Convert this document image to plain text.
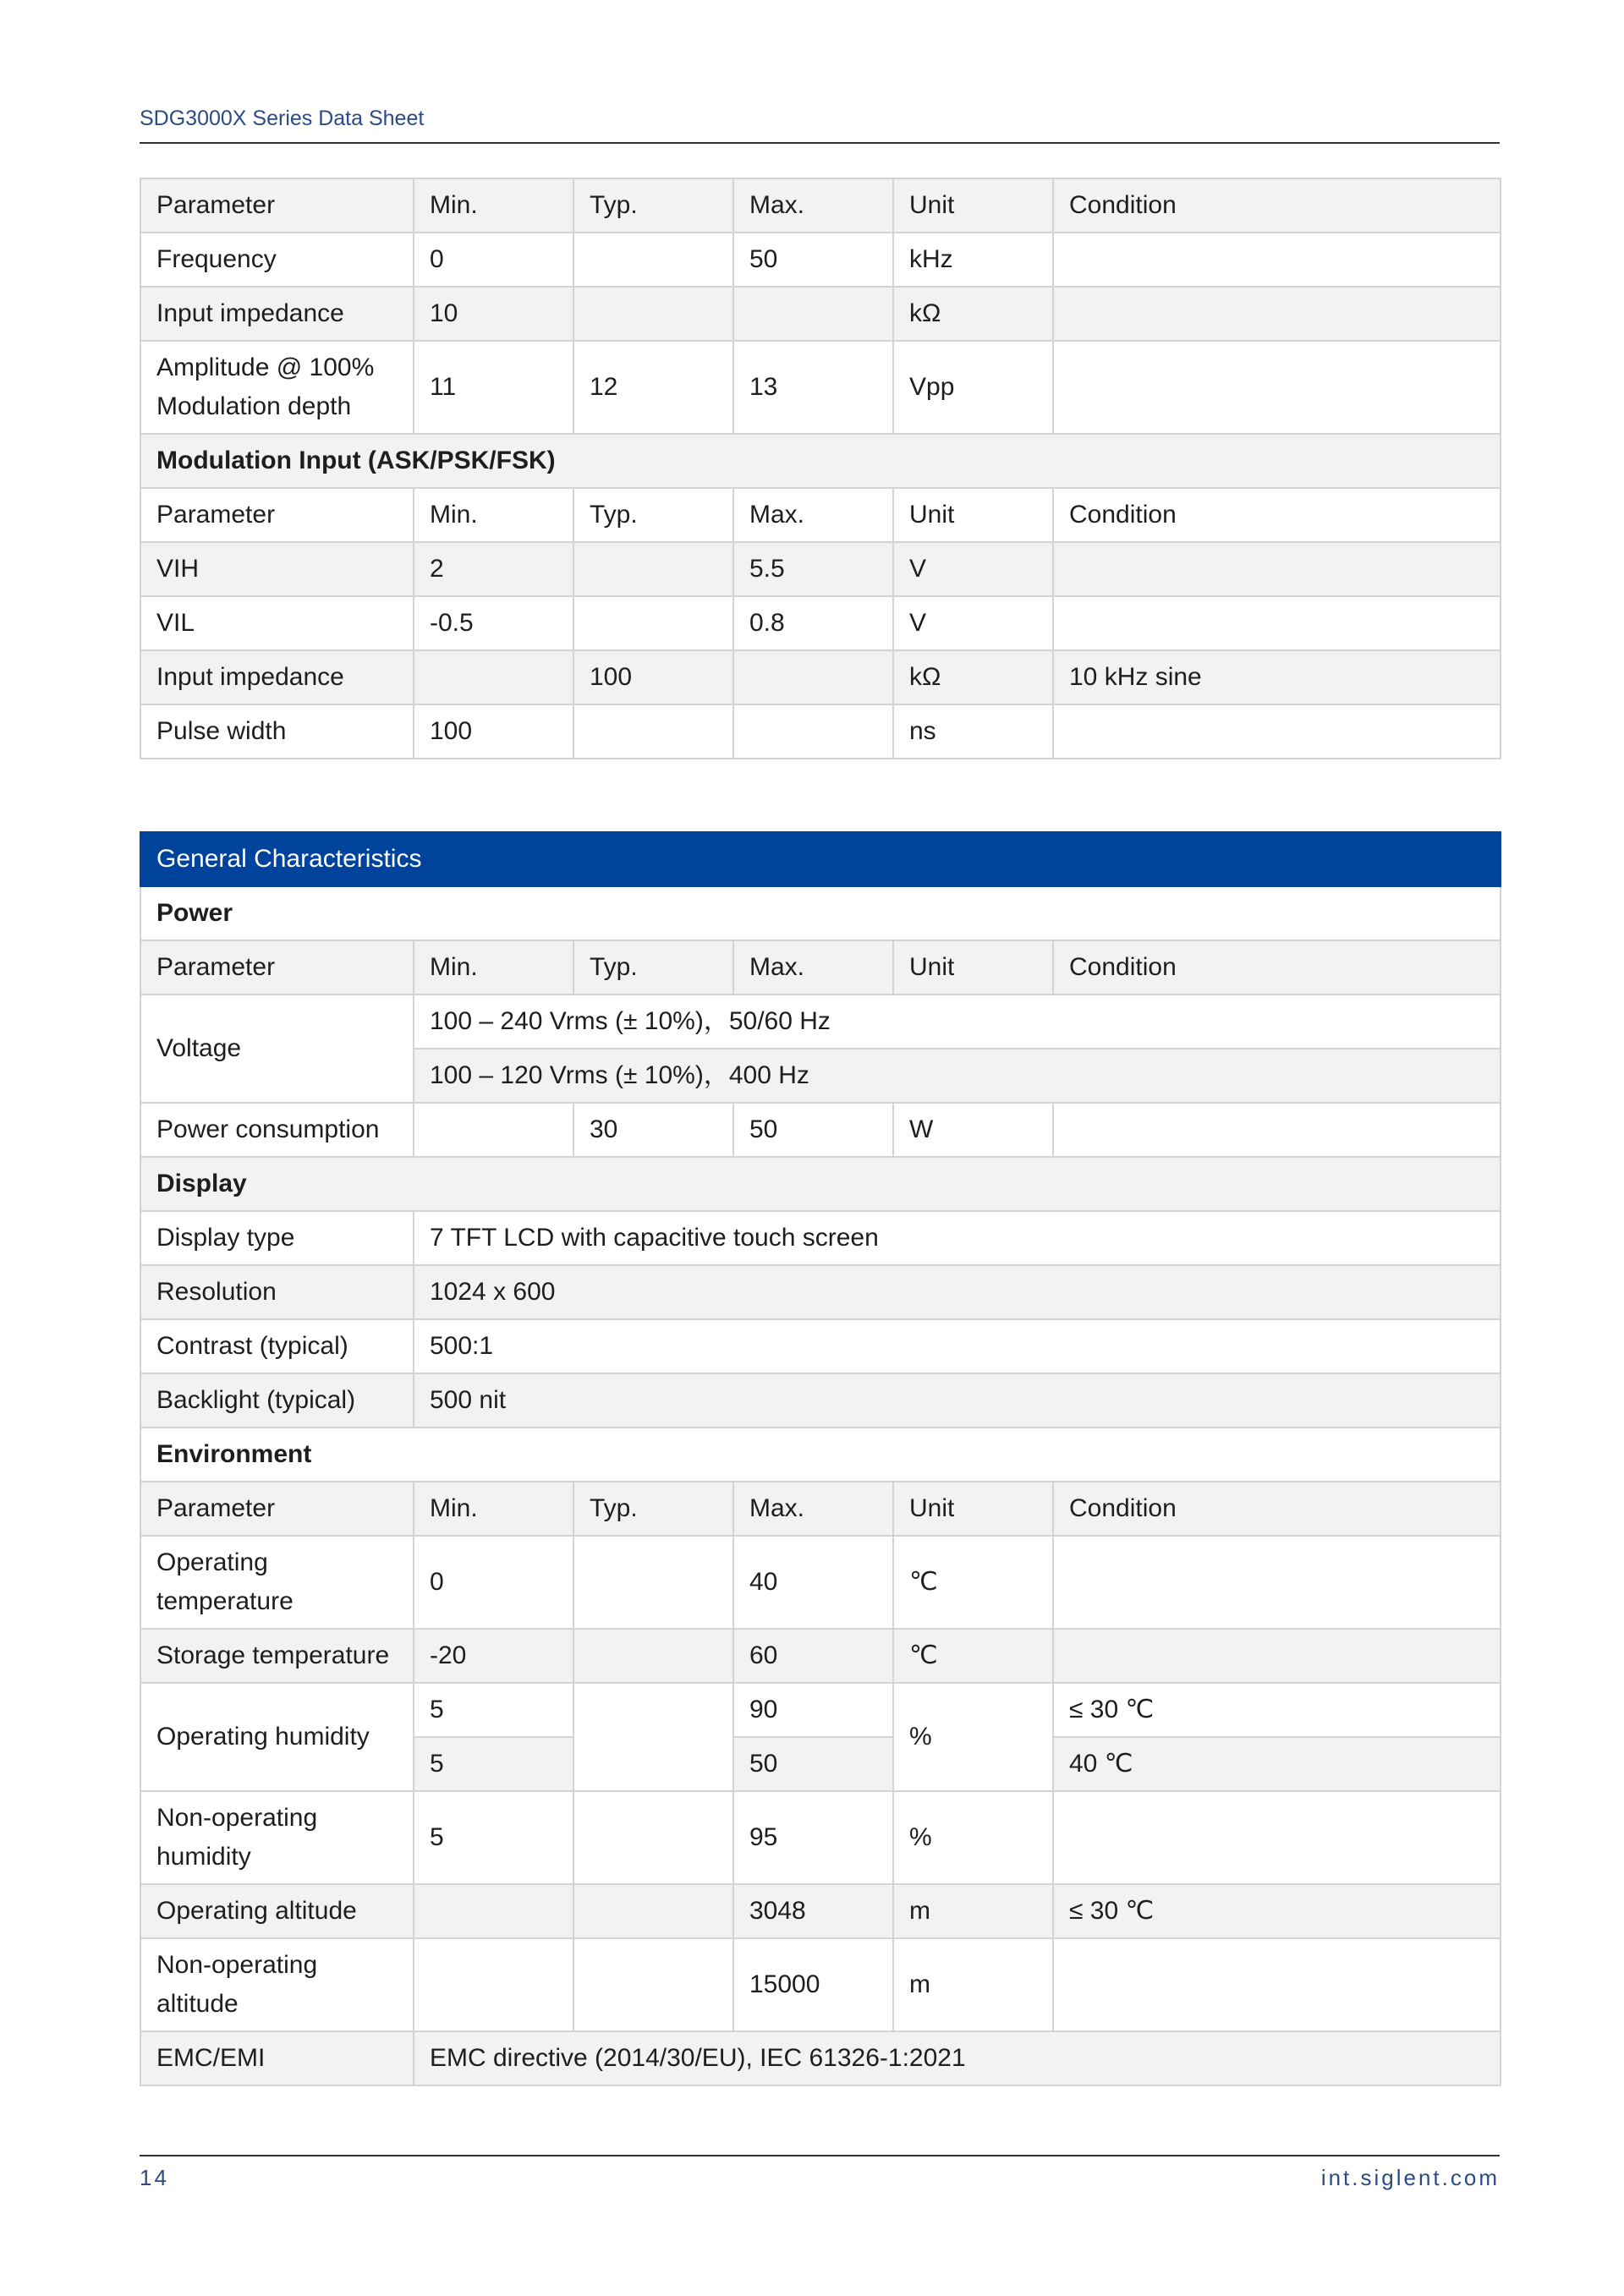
SDG3000X Series Data Sheet
Parameter	Min.	Typ.	Max.	Unit	Condition
Frequency	0		50	kHz	
Input impedance	10			kΩ	
Amplitude @ 100% Modulation depth	11	12	13	Vpp	
Modulation Input (ASK/PSK/FSK)					
Parameter	Min.	Typ.	Max.	Unit	Condition
VIH	2		5.5	V	
VIL	-0.5		0.8	V	
Input impedance		100		kΩ	10 kHz sine
Pulse width	100			ns	
General Characteristics					
Power					
Parameter	Min.	Typ.	Max.	Unit	Condition
Voltage	100 – 240 Vrms (± 10%)，50/60 Hz				
	100 – 120 Vrms (± 10%)，400 Hz				
Power consumption		30	50	W	
Display					
Display type	7 TFT LCD with capacitive touch screen				
Resolution	1024 x 600				
Contrast (typical)	500:1				
Backlight (typical)	500 nit				
Environment					
Parameter	Min.	Typ.	Max.	Unit	Condition
Operating temperature	0		40	℃	
Storage temperature	-20		60	℃	
Operating humidity	5		90	%	≤ 30 ℃
	5		50		40 ℃
Non-operating humidity	5		95	%	
Operating altitude			3048	m	≤ 30 ℃
Non-operating altitude			15000	m	
EMC/EMI	EMC directive (2014/30/EU), IEC 61326-1:2021				
14	int.siglent.com
